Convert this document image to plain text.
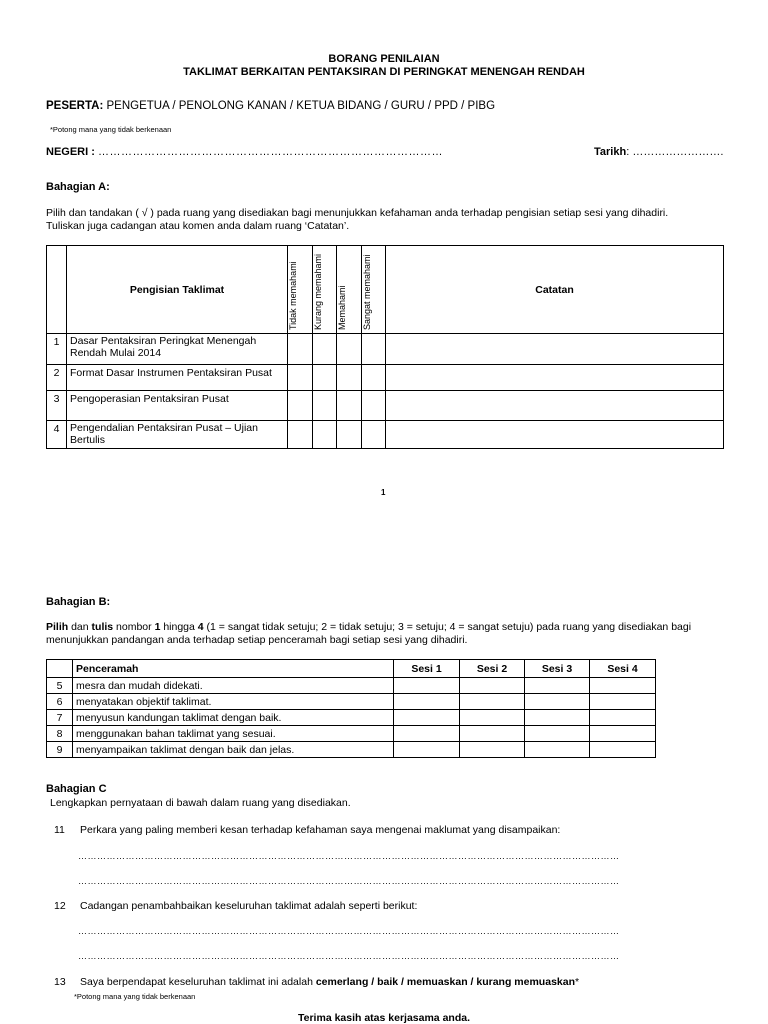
BORANG PENILAIAN
TAKLIMAT BERKAITAN PENTAKSIRAN DI PERINGKAT MENENGAH RENDAH
PESERTA: PENGETUA / PENOLONG KANAN / KETUA BIDANG / GURU / PPD / PIBG
*Potong mana yang tidak berkenaan
NEGERI : ………………………………………………………………………………	Tarikh: …………………….
Bahagian A:
Pilih dan tandakan ( √ ) pada ruang yang disediakan bagi menunjukkan kefahaman anda terhadap pengisian setiap sesi yang dihadiri.
Tuliskan juga cadangan atau komen anda dalam ruang ‘Catatan’.
	Pengisian Taklimat	Tidak memahami	Kurang memahami	Memahami	Sangat memahami	Catatan
1	Dasar Pentaksiran Peringkat Menengah Rendah Mulai 2014					
2	Format Dasar Instrumen Pentaksiran Pusat					
3	Pengoperasian Pentaksiran Pusat					
4	Pengendalian Pentaksiran Pusat – Ujian Bertulis					
1
Bahagian B:
Pilih dan tulis nombor 1 hingga 4 (1 = sangat tidak setuju; 2 = tidak setuju; 3 = setuju; 4 = sangat setuju) pada ruang yang disediakan bagi
menunjukkan pandangan anda terhadap setiap penceramah bagi setiap sesi yang dihadiri.
	Penceramah	Sesi 1	Sesi 2	Sesi 3	Sesi 4
5	mesra dan mudah didekati.				
6	menyatakan objektif taklimat.				
7	menyusun kandungan taklimat dengan baik.				
8	menggunakan bahan taklimat yang sesuai.				
9	menyampaikan taklimat dengan baik dan jelas.				
Bahagian C
Lengkapkan pernyataan di bawah dalam ruang yang disediakan.
11 Perkara yang paling memberi kesan terhadap kefahaman saya mengenai maklumat yang disampaikan:
………………………………………………………………………………………………………………………………………………………
………………………………………………………………………………………………………………………………………………………
12 Cadangan penambahbaikan keseluruhan taklimat adalah seperti berikut:
………………………………………………………………………………………………………………………………………………………
………………………………………………………………………………………………………………………………………………………
13 Saya berpendapat keseluruhan taklimat ini adalah cemerlang / baik / memuaskan / kurang memuaskan*
*Potong mana yang tidak berkenaan
Terima kasih atas kerjasama anda.
